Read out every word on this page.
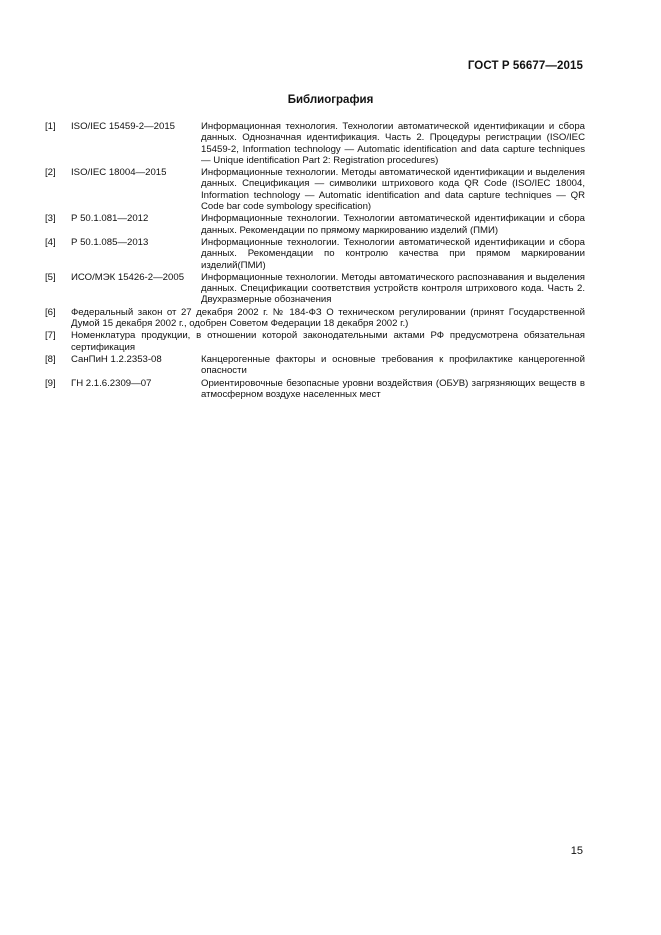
ГОСТ Р 56677—2015
Библиография
[1]	ISO/IEC 15459-2—2015	Информационная технология. Технологии автоматической идентификации и сбора данных. Однозначная идентификация. Часть 2. Процедуры регистрации (ISO/IEC 15459-2, Information technology — Automatic identification and data capture techniques — Unique identification Part 2: Registration procedures)
[2]	ISO/IEC 18004—2015	Информационные технологии. Методы автоматической идентификации и выделения данных. Спецификация — символики штрихового кода QR Code (ISO/IEC 18004, Information technology — Automatic identification and data capture techniques — QR Code bar code symbology specification)
[3]	Р 50.1.081—2012	Информационные технологии. Технологии автоматической идентификации и сбора данных. Рекомендации по прямому маркированию изделий (ПМИ)
[4]	Р 50.1.085—2013	Информационные технологии. Технологии автоматической идентификации и сбора данных. Рекомендации по контролю качества при прямом маркировании изделий(ПМИ)
[5]	ИСО/МЭК 15426-2—2005	Информационные технологии. Методы автоматического распознавания и выделения данных. Спецификации соответствия устройств контроля штрихового кода. Часть 2. Двухразмерные обозначения
[6]	Федеральный закон от 27 декабря 2002 г. № 184-ФЗ О техническом регулировании (принят Государственной Думой 15 декабря 2002 г., одобрен Советом Федерации 18 декабря 2002 г.)
[7]	Номенклатура продукции, в отношении которой законодательными актами РФ предусмотрена обязательная сертификация
[8]	СанПиН 1.2.2353-08	Канцерогенные факторы и основные требования к профилактике канцерогенной опасности
[9]	ГН 2.1.6.2309—07	Ориентировочные безопасные уровни воздействия (ОБУВ) загрязняющих веществ в атмосферном воздухе населенных мест
15
